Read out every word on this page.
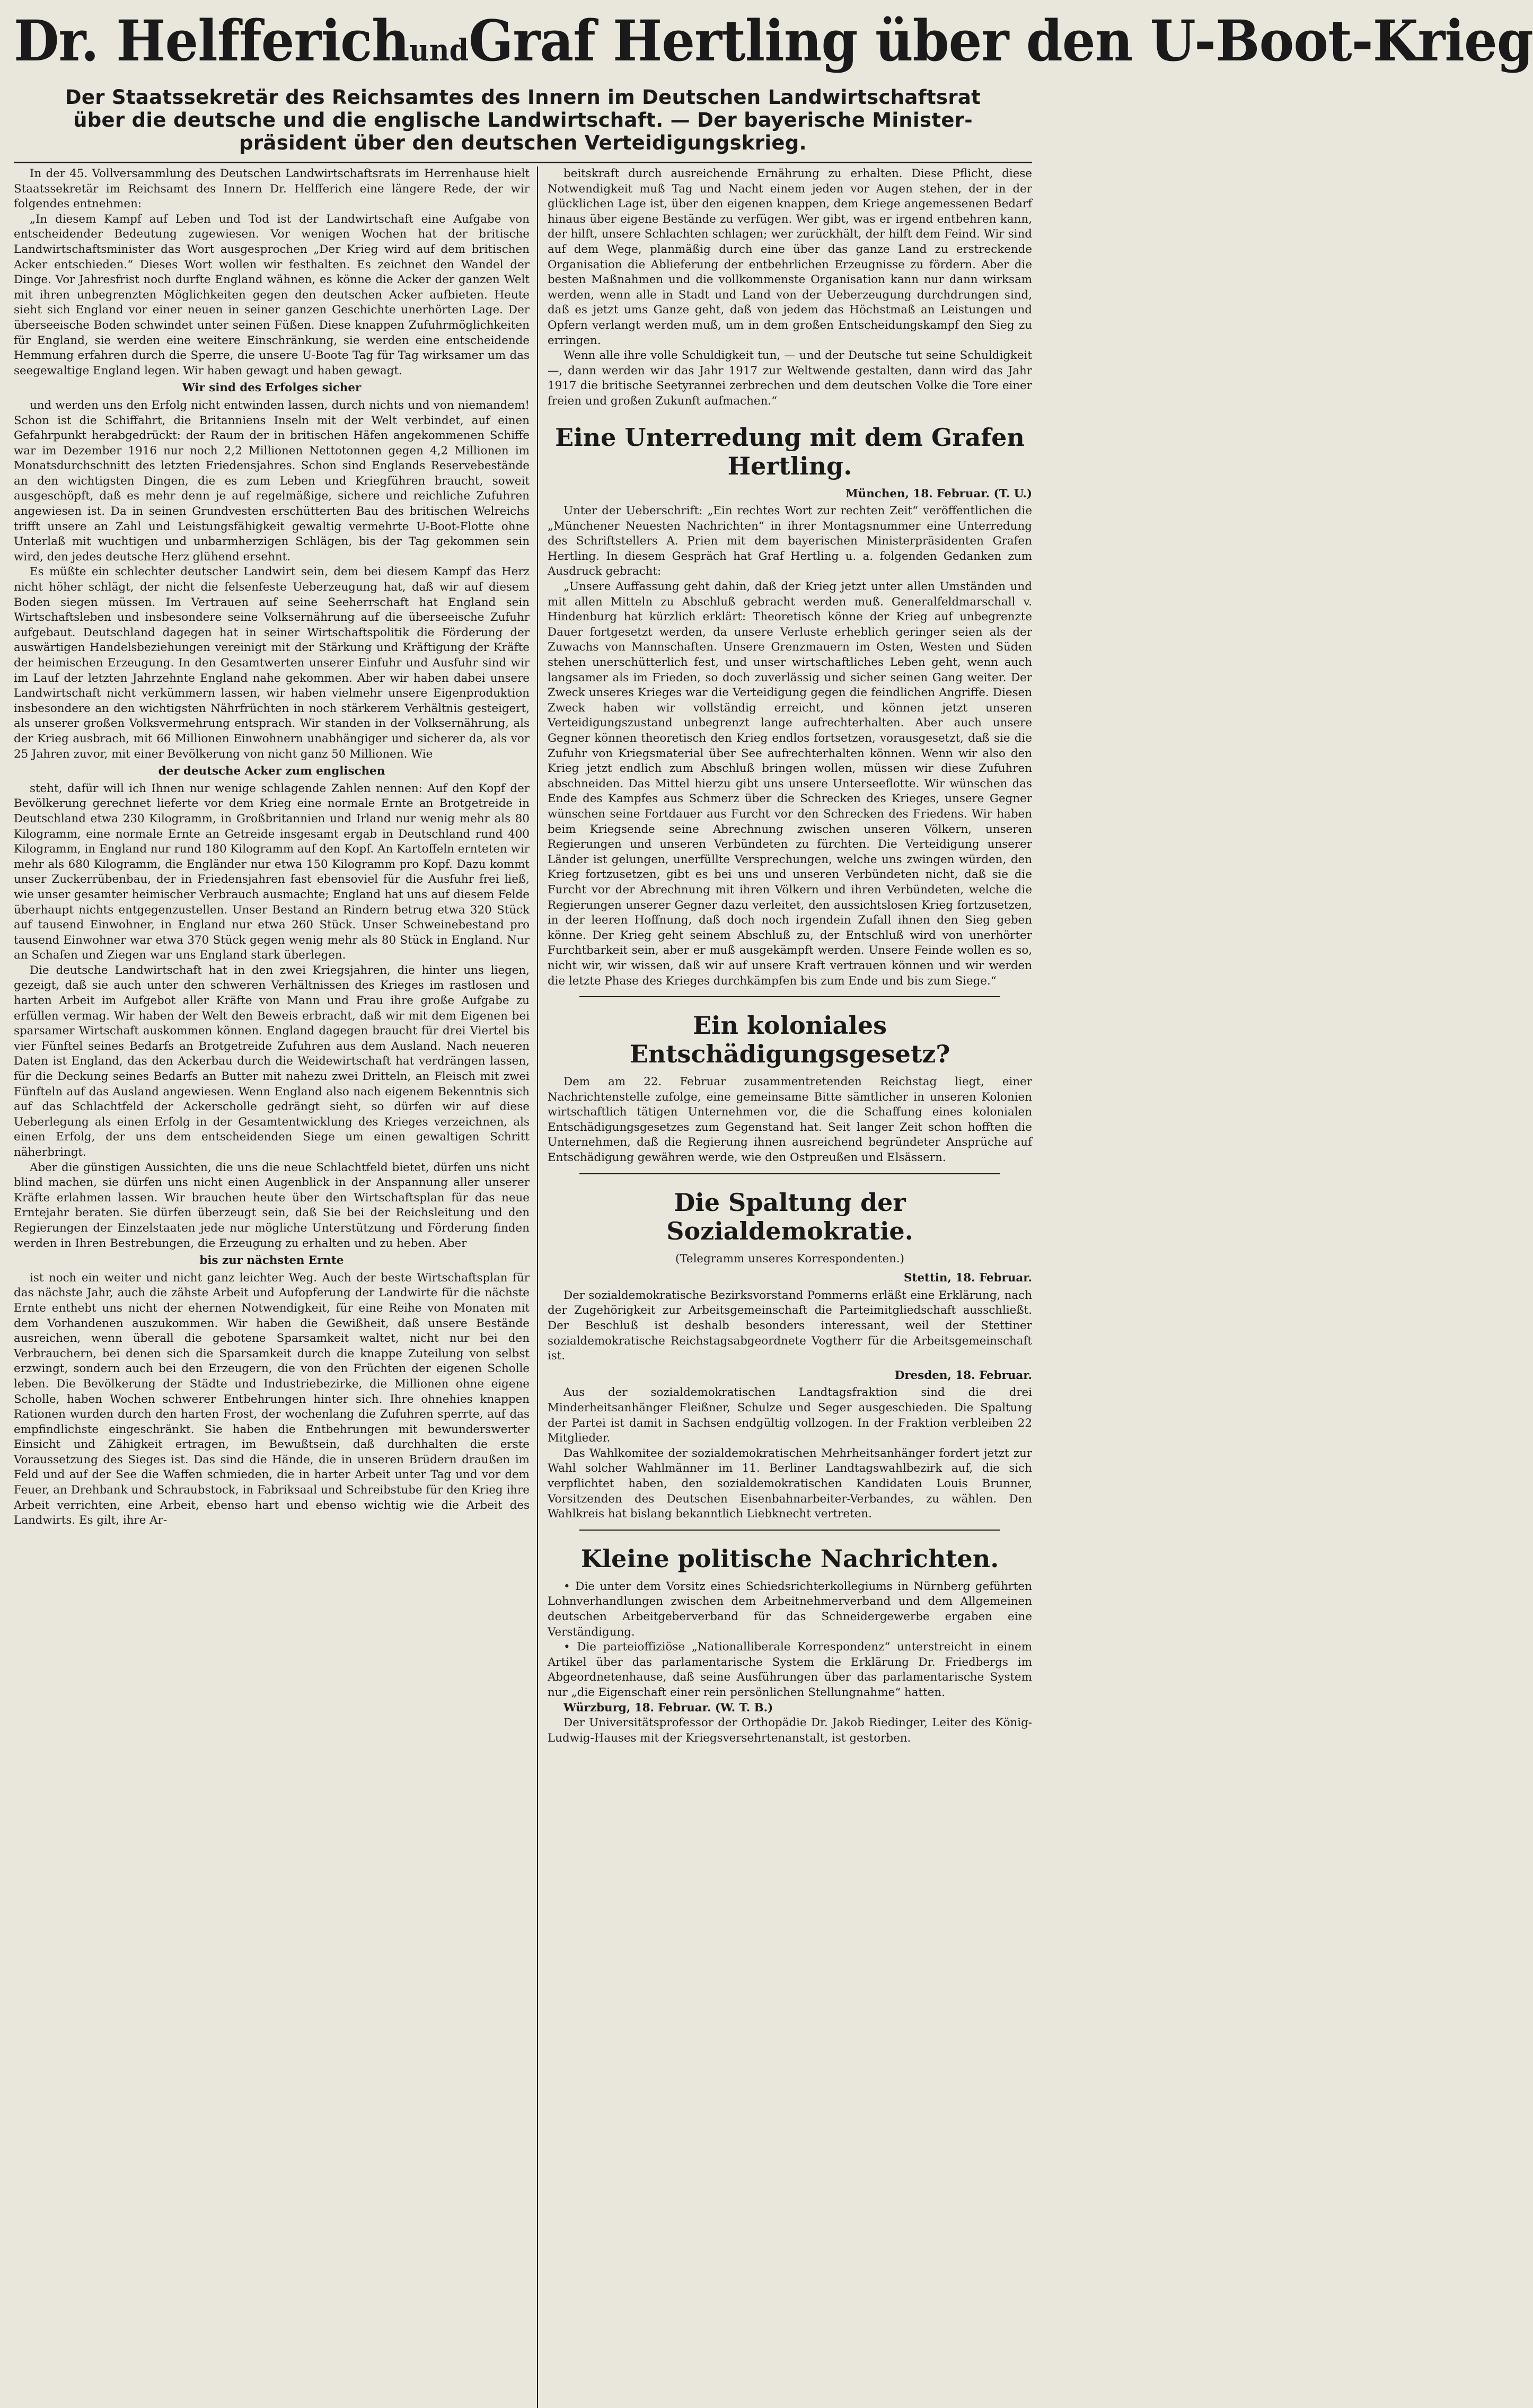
Dr. HelfferichundGraf Hertling über den U-Boot-Krieg
Der Staatssekretär des Reichsamtes des Innern im Deutschen Landwirtschaftsrat
über die deutsche und die englische Landwirtschaft. — Der bayerische Minister-
präsident über den deutschen Verteidigungskrieg.

In der 45. Vollversammlung des Deutschen Landwirtschaftsrats im Herrenhause hielt Staatssekretär im Reichsamt des Innern Dr. Helfferich eine längere Rede, der wir folgendes entnehmen:

„In diesem Kampf auf Leben und Tod ist der Landwirtschaft eine Aufgabe von entscheidender Bedeutung zugewiesen. Vor wenigen Wochen hat der britische Landwirtschaftsminister das Wort ausgesprochen „Der Krieg wird auf dem britischen Acker entschieden.“ Dieses Wort wollen wir festhalten. Es zeichnet den Wandel der Dinge. Vor Jahresfrist noch durfte England wähnen, es könne die Acker der ganzen Welt mit ihren unbegrenzten Möglichkeiten gegen den deutschen Acker aufbieten. Heute sieht sich England vor einer neuen in seiner ganzen Geschichte unerhörten Lage. Der überseeische Boden schwindet unter seinen Füßen. Diese knappen Zufuhrmöglichkeiten für England, sie werden eine weitere Einschränkung, sie werden eine entscheidende Hemmung erfahren durch die Sperre, die unsere U-Boote Tag für Tag wirksamer um das seegewaltige England legen. Wir haben gewagt und haben gewagt.

Wir sind des Erfolges sicher

und werden uns den Erfolg nicht entwinden lassen, durch nichts und von niemandem! Schon ist die Schiffahrt, die Britanniens Inseln mit der Welt verbindet, auf einen Gefahrpunkt herabgedrückt: der Raum der in britischen Häfen angekommenen Schiffe war im Dezember 1916 nur noch 2,2 Millionen Nettotonnen gegen 4,2 Millionen im Monatsdurchschnitt des letzten Friedensjahres. Schon sind Englands Reservebestände an den wichtigsten Dingen, die es zum Leben und Kriegführen braucht, soweit ausgeschöpft, daß es mehr denn je auf regelmäßige, sichere und reichliche Zufuhren angewiesen ist. Da in seinen Grundvesten erschütterten Bau des britischen Welreichs trifft unsere an Zahl und Leistungsfähigkeit gewaltig vermehrte U-Boot-Flotte ohne Unterlaß mit wuchtigen und unbarmherzigen Schlägen, bis der Tag gekommen sein wird, den jedes deutsche Herz glühend ersehnt.

Es müßte ein schlechter deutscher Landwirt sein, dem bei diesem Kampf das Herz nicht höher schlägt, der nicht die felsenfeste Ueberzeugung hat, daß wir auf diesem Boden siegen müssen. Im Vertrauen auf seine Seeherrschaft hat England sein Wirtschaftsleben und insbesondere seine Volksernährung auf die überseeische Zufuhr aufgebaut. Deutschland dagegen hat in seiner Wirtschaftspolitik die Förderung der auswärtigen Handelsbeziehungen vereinigt mit der Stärkung und Kräftigung der Kräfte der heimischen Erzeugung. In den Gesamtwerten unserer Einfuhr und Ausfuhr sind wir im Lauf der letzten Jahrzehnte England nahe gekommen. Aber wir haben dabei unsere Landwirtschaft nicht verkümmern lassen, wir haben vielmehr unsere Eigenproduktion insbesondere an den wichtigsten Nährfrüchten in noch stärkerem Verhältnis gesteigert, als unserer großen Volksvermehrung entsprach. Wir standen in der Volksernährung, als der Krieg ausbrach, mit 66 Millionen Einwohnern unabhängiger und sicherer da, als vor 25 Jahren zuvor, mit einer Bevölkerung von nicht ganz 50 Millionen. Wie

der deutsche Acker zum englischen

steht, dafür will ich Ihnen nur wenige schlagende Zahlen nennen: Auf den Kopf der Bevölkerung gerechnet lieferte vor dem Krieg eine normale Ernte an Brotgetreide in Deutschland etwa 230 Kilogramm, in Großbritannien und Irland nur wenig mehr als 80 Kilogramm, eine normale Ernte an Getreide insgesamt ergab in Deutschland rund 400 Kilogramm, in England nur rund 180 Kilogramm auf den Kopf. An Kartoffeln ernteten wir mehr als 680 Kilogramm, die Engländer nur etwa 150 Kilogramm pro Kopf. Dazu kommt unser Zuckerrübenbau, der in Friedensjahren fast ebensoviel für die Ausfuhr frei ließ, wie unser gesamter heimischer Verbrauch ausmachte; England hat uns auf diesem Felde überhaupt nichts entgegenzustellen. Unser Bestand an Rindern betrug etwa 320 Stück auf tausend Einwohner, in England nur etwa 260 Stück. Unser Schweinebestand pro tausend Einwohner war etwa 370 Stück gegen wenig mehr als 80 Stück in England. Nur an Schafen und Ziegen war uns England stark überlegen.

Die deutsche Landwirtschaft hat in den zwei Kriegsjahren, die hinter uns liegen, gezeigt, daß sie auch unter den schweren Verhältnissen des Krieges im rastlosen und harten Arbeit im Aufgebot aller Kräfte von Mann und Frau ihre große Aufgabe zu erfüllen vermag. Wir haben der Welt den Beweis erbracht, daß wir mit dem Eigenen bei sparsamer Wirtschaft auskommen können. England dagegen braucht für drei Viertel bis vier Fünftel seines Bedarfs an Brotgetreide Zufuhren aus dem Ausland. Nach neueren Daten ist England, das den Ackerbau durch die Weidewirtschaft hat verdrängen lassen, für die Deckung seines Bedarfs an Butter mit nahezu zwei Dritteln, an Fleisch mit zwei Fünfteln auf das Ausland angewiesen. Wenn England also nach eigenem Bekenntnis sich auf das Schlachtfeld der Ackerscholle gedrängt sieht, so dürfen wir auf diese Ueberlegung als einen Erfolg in der Gesamtentwicklung des Krieges verzeichnen, als einen Erfolg, der uns dem entscheidenden Siege um einen gewaltigen Schritt näherbringt.

Aber die günstigen Aussichten, die uns die neue Schlachtfeld bietet, dürfen uns nicht blind machen, sie dürfen uns nicht einen Augenblick in der Anspannung aller unserer Kräfte erlahmen lassen. Wir brauchen heute über den Wirtschaftsplan für das neue Erntejahr beraten. Sie dürfen überzeugt sein, daß Sie bei der Reichsleitung und den Regierungen der Einzelstaaten jede nur mögliche Unterstützung und Förderung finden werden in Ihren Bestrebungen, die Erzeugung zu erhalten und zu heben. Aber

bis zur nächsten Ernte

ist noch ein weiter und nicht ganz leichter Weg. Auch der beste Wirtschaftsplan für das nächste Jahr, auch die zähste Arbeit und Aufopferung der Landwirte für die nächste Ernte enthebt uns nicht der ehernen Notwendigkeit, für eine Reihe von Monaten mit dem Vorhandenen auszukommen. Wir haben die Gewißheit, daß unsere Bestände ausreichen, wenn überall die gebotene Sparsamkeit waltet, nicht nur bei den Verbrauchern, bei denen sich die Sparsamkeit durch die knappe Zuteilung von selbst erzwingt, sondern auch bei den Erzeugern, die von den Früchten der eigenen Scholle leben. Die Bevölkerung der Städte und Industriebezirke, die Millionen ohne eigene Scholle, haben Wochen schwerer Entbehrungen hinter sich. Ihre ohnehies knappen Rationen wurden durch den harten Frost, der wochenlang die Zufuhren sperrte, auf das empfindlichste eingeschränkt. Sie haben die Entbehrungen mit bewunderswerter Einsicht und Zähigkeit ertragen, im Bewußtsein, daß durchhalten die erste Voraussetzung des Sieges ist. Das sind die Hände, die in unseren Brüdern draußen im Feld und auf der See die Waffen schmieden, die in harter Arbeit unter Tag und vor dem Feuer, an Drehbank und Schraubstock, in Fabriksaal und Schreibstube für den Krieg ihre Arbeit verrichten, eine Arbeit, ebenso hart und ebenso wichtig wie die Arbeit des Landwirts. Es gilt, ihre Ar-

beitskraft durch ausreichende Ernährung zu erhalten. Diese Pflicht, diese Notwendigkeit muß Tag und Nacht einem jeden vor Augen stehen, der in der glücklichen Lage ist, über den eigenen knappen, dem Kriege angemessenen Bedarf hinaus über eigene Bestände zu verfügen. Wer gibt, was er irgend entbehren kann, der hilft, unsere Schlachten schlagen; wer zurückhält, der hilft dem Feind. Wir sind auf dem Wege, planmäßig durch eine über das ganze Land zu erstreckende Organisation die Ablieferung der entbehrlichen Erzeugnisse zu fördern. Aber die besten Maßnahmen und die vollkommenste Organisation kann nur dann wirksam werden, wenn alle in Stadt und Land von der Ueberzeugung durchdrungen sind, daß es jetzt ums Ganze geht, daß von jedem das Höchstmaß an Leistungen und Opfern verlangt werden muß, um in dem großen Entscheidungskampf den Sieg zu erringen.

Wenn alle ihre volle Schuldigkeit tun, — und der Deutsche tut seine Schuldigkeit —, dann werden wir das Jahr 1917 zur Weltwende gestalten, dann wird das Jahr 1917 die britische Seetyrannei zerbrechen und dem deutschen Volke die Tore einer freien und großen Zukunft aufmachen.“

Eine Unterredung mit dem Grafen Hertling.

München, 18. Februar. (T. U.)

Unter der Ueberschrift: „Ein rechtes Wort zur rechten Zeit“ veröffentlichen die „Münchener Neuesten Nachrichten“ in ihrer Montagsnummer eine Unterredung des Schriftstellers A. Prien mit dem bayerischen Ministerpräsidenten Grafen Hertling. In diesem Gespräch hat Graf Hertling u. a. folgenden Gedanken zum Ausdruck gebracht:

„Unsere Auffassung geht dahin, daß der Krieg jetzt unter allen Umständen und mit allen Mitteln zu Abschluß gebracht werden muß. Generalfeldmarschall v. Hindenburg hat kürzlich erklärt: Theoretisch könne der Krieg auf unbegrenzte Dauer fortgesetzt werden, da unsere Verluste erheblich geringer seien als der Zuwachs von Mannschaften. Unsere Grenzmauern im Osten, Westen und Süden stehen unerschütterlich fest, und unser wirtschaftliches Leben geht, wenn auch langsamer als im Frieden, so doch zuverlässig und sicher seinen Gang weiter. Der Zweck unseres Krieges war die Verteidigung gegen die feindlichen Angriffe. Diesen Zweck haben wir vollständig erreicht, und können jetzt unseren Verteidigungszustand unbegrenzt lange aufrechterhalten. Aber auch unsere Gegner können theoretisch den Krieg endlos fortsetzen, vorausgesetzt, daß sie die Zufuhr von Kriegsmaterial über See aufrechterhalten können. Wenn wir also den Krieg jetzt endlich zum Abschluß bringen wollen, müssen wir diese Zufuhren abschneiden. Das Mittel hierzu gibt uns unsere Unterseeflotte. Wir wünschen das Ende des Kampfes aus Schmerz über die Schrecken des Krieges, unsere Gegner wünschen seine Fortdauer aus Furcht vor den Schrecken des Friedens. Wir haben beim Kriegsende seine Abrechnung zwischen unseren Völkern, unseren Regierungen und unseren Verbündeten zu fürchten. Die Verteidigung unserer Länder ist gelungen, unerfüllte Versprechungen, welche uns zwingen würden, den Krieg fortzusetzen, gibt es bei uns und unseren Verbündeten nicht, daß sie die Furcht vor der Abrechnung mit ihren Völkern und ihren Verbündeten, welche die Regierungen unserer Gegner dazu verleitet, den aussichtslosen Krieg fortzusetzen, in der leeren Hoffnung, daß doch noch irgendein Zufall ihnen den Sieg geben könne. Der Krieg geht seinem Abschluß zu, der Entschluß wird von unerhörter Furchtbarkeit sein, aber er muß ausgekämpft werden. Unsere Feinde wollen es so, nicht wir, wir wissen, daß wir auf unsere Kraft vertrauen können und wir werden die letzte Phase des Krieges durchkämpfen bis zum Ende und bis zum Siege.“

Ein koloniales Entschädigungsgesetz?

Dem am 22. Februar zusammentretenden Reichstag liegt, einer Nachrichtenstelle zufolge, eine gemeinsame Bitte sämtlicher in unseren Kolonien wirtschaftlich tätigen Unternehmen vor, die die Schaffung eines kolonialen Entschädigungsgesetzes zum Gegenstand hat. Seit langer Zeit schon hofften die Unternehmen, daß die Regierung ihnen ausreichend begründeter Ansprüche auf Entschädigung gewähren werde, wie den Ostpreußen und Elsässern.

Die Spaltung der Sozialdemokratie.

(Telegramm unseres Korrespondenten.)

Stettin, 18. Februar.

Der sozialdemokratische Bezirksvorstand Pommerns erläßt eine Erklärung, nach der Zugehörigkeit zur Arbeitsgemeinschaft die Parteimitgliedschaft ausschließt. Der Beschluß ist deshalb besonders interessant, weil der Stettiner sozialdemokratische Reichstagsabgeordnete Vogtherr für die Arbeitsgemeinschaft ist.

Dresden, 18. Februar.

Aus der sozialdemokratischen Landtagsfraktion sind die drei Minderheitsanhänger Fleißner, Schulze und Seger ausgeschieden. Die Spaltung der Partei ist damit in Sachsen endgültig vollzogen. In der Fraktion verbleiben 22 Mitglieder.

Das Wahlkomitee der sozialdemokratischen Mehrheitsanhänger fordert jetzt zur Wahl solcher Wahlmänner im 11. Berliner Landtagswahlbezirk auf, die sich verpflichtet haben, den sozialdemokratischen Kandidaten Louis Brunner, Vorsitzenden des Deutschen Eisenbahnarbeiter-Verbandes, zu wählen. Den Wahlkreis hat bislang bekanntlich Liebknecht vertreten.

Kleine politische Nachrichten.

• Die unter dem Vorsitz eines Schiedsrichterkollegiums in Nürnberg geführten Lohnverhandlungen zwischen dem Arbeitnehmerverband und dem Allgemeinen deutschen Arbeitgeberverband für das Schneidergewerbe ergaben eine Verständigung.

• Die parteioffiziöse „Nationalliberale Korrespondenz“ unterstreicht in einem Artikel über das parlamentarische System die Erklärung Dr. Friedbergs im Abgeordnetenhause, daß seine Ausführungen über das parlamentarische System nur „die Eigenschaft einer rein persönlichen Stellungnahme“ hatten.

Würzburg, 18. Februar. (W. T. B.)

Der Universitätsprofessor der Orthopädie Dr. Jakob Riedinger, Leiter des König-Ludwig-Hauses mit der Kriegsversehrtenanstalt, ist gestorben.
